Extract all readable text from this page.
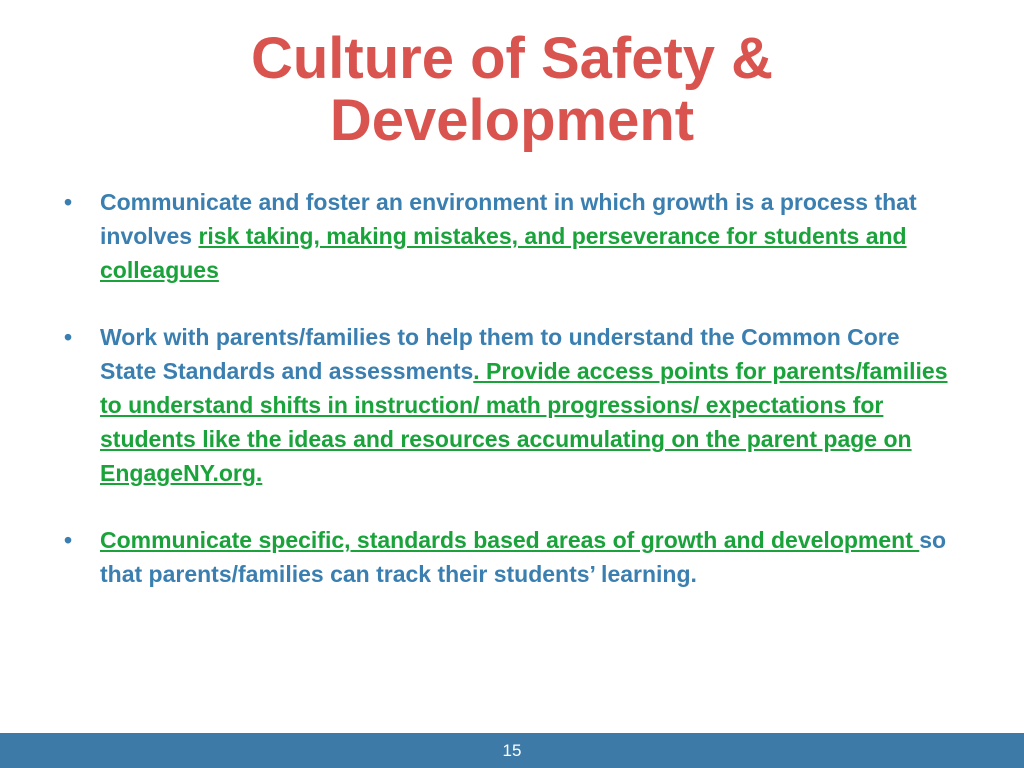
Culture of Safety &
Development
• Communicate and foster an environment in which growth is a process that involves risk taking, making mistakes, and perseverance for students and colleagues
• Work with parents/families to help them to understand the Common Core State Standards and assessments. Provide access points for parents/families to understand shifts in instruction/ math progressions/ expectations for students like the ideas and resources accumulating on the parent page on EngageNY.org.
• Communicate specific, standards based areas of growth and development so that parents/families can track their students’ learning.
15
